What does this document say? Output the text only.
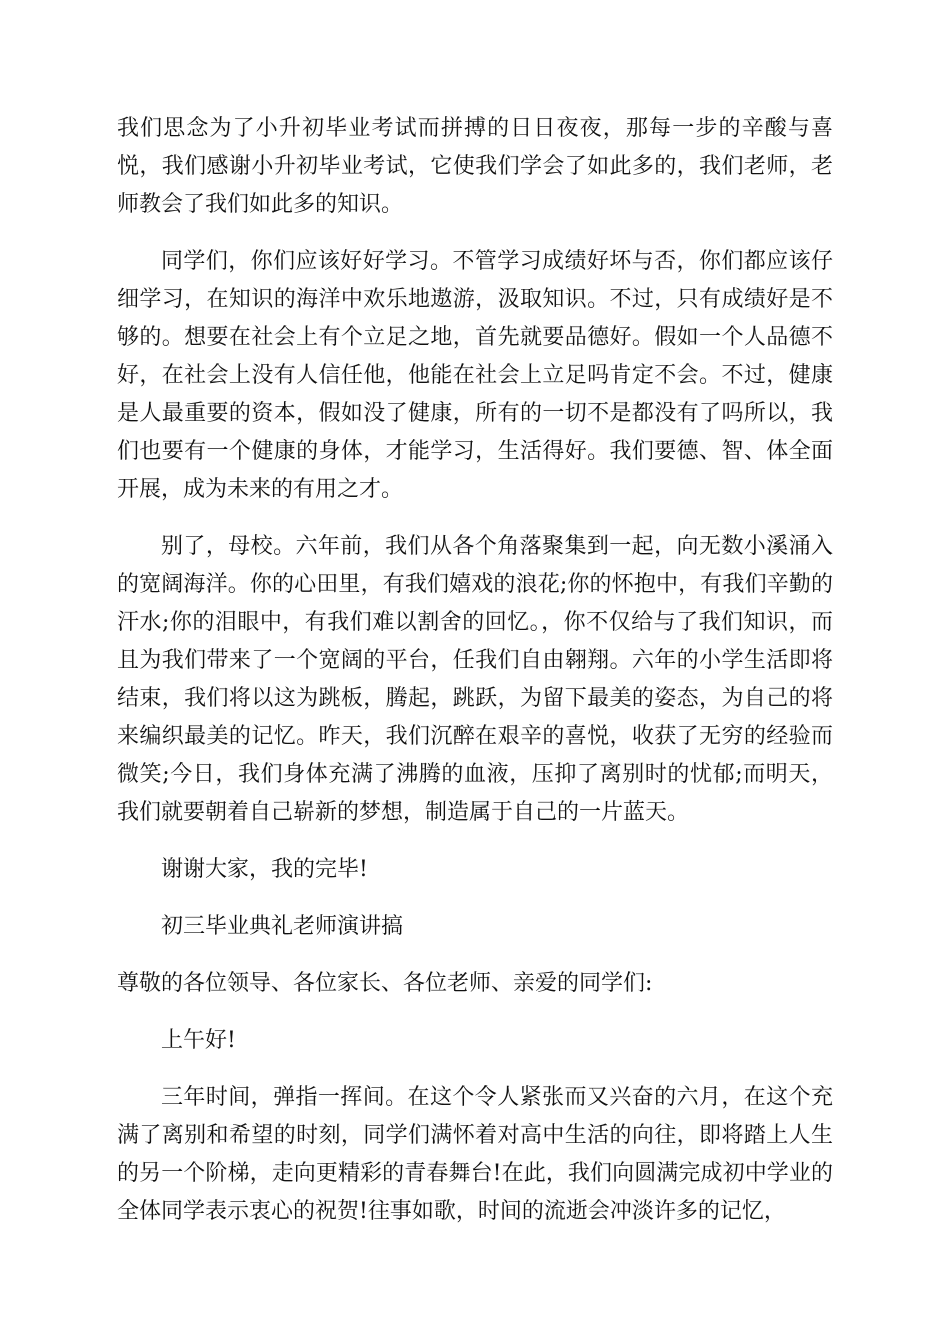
我们思念为了小升初毕业考试而拼搏的日日夜夜，那每一步的辛酸与喜悦，我们感谢小升初毕业考试，它使我们学会了如此多的，我们老师，老师教会了我们如此多的知识。

同学们，你们应该好好学习。不管学习成绩好坏与否，你们都应该仔细学习，在知识的海洋中欢乐地遨游，汲取知识。不过，只有成绩好是不够的。想要在社会上有个立足之地，首先就要品德好。假如一个人品德不好，在社会上没有人信任他，他能在社会上立足吗肯定不会。不过，健康是人最重要的资本，假如没了健康，所有的一切不是都没有了吗所以，我们也要有一个健康的身体，才能学习，生活得好。我们要德、智、体全面开展，成为未来的有用之才。

别了，母校。六年前，我们从各个角落聚集到一起，向无数小溪涌入的宽阔海洋。你的心田里，有我们嬉戏的浪花;你的怀抱中，有我们辛勤的汗水;你的泪眼中，有我们难以割舍的回忆。，你不仅给与了我们知识，而且为我们带来了一个宽阔的平台，任我们自由翱翔。六年的小学生活即将结束，我们将以这为跳板，腾起，跳跃，为留下最美的姿态，为自己的将来编织最美的记忆。昨天，我们沉醉在艰辛的喜悦，收获了无穷的经验而微笑;今日，我们身体充满了沸腾的血液，压抑了离别时的忧郁;而明天，我们就要朝着自己崭新的梦想，制造属于自己的一片蓝天。

谢谢大家，我的完毕!

初三毕业典礼老师演讲搞

尊敬的各位领导、各位家长、各位老师、亲爱的同学们:

上午好!

三年时间，弹指一挥间。在这个令人紧张而又兴奋的六月，在这个充满了离别和希望的时刻，同学们满怀着对高中生活的向往，即将踏上人生的另一个阶梯，走向更精彩的青春舞台!在此，我们向圆满完成初中学业的全体同学表示衷心的祝贺!往事如歌，时间的流逝会冲淡许多的记忆，
